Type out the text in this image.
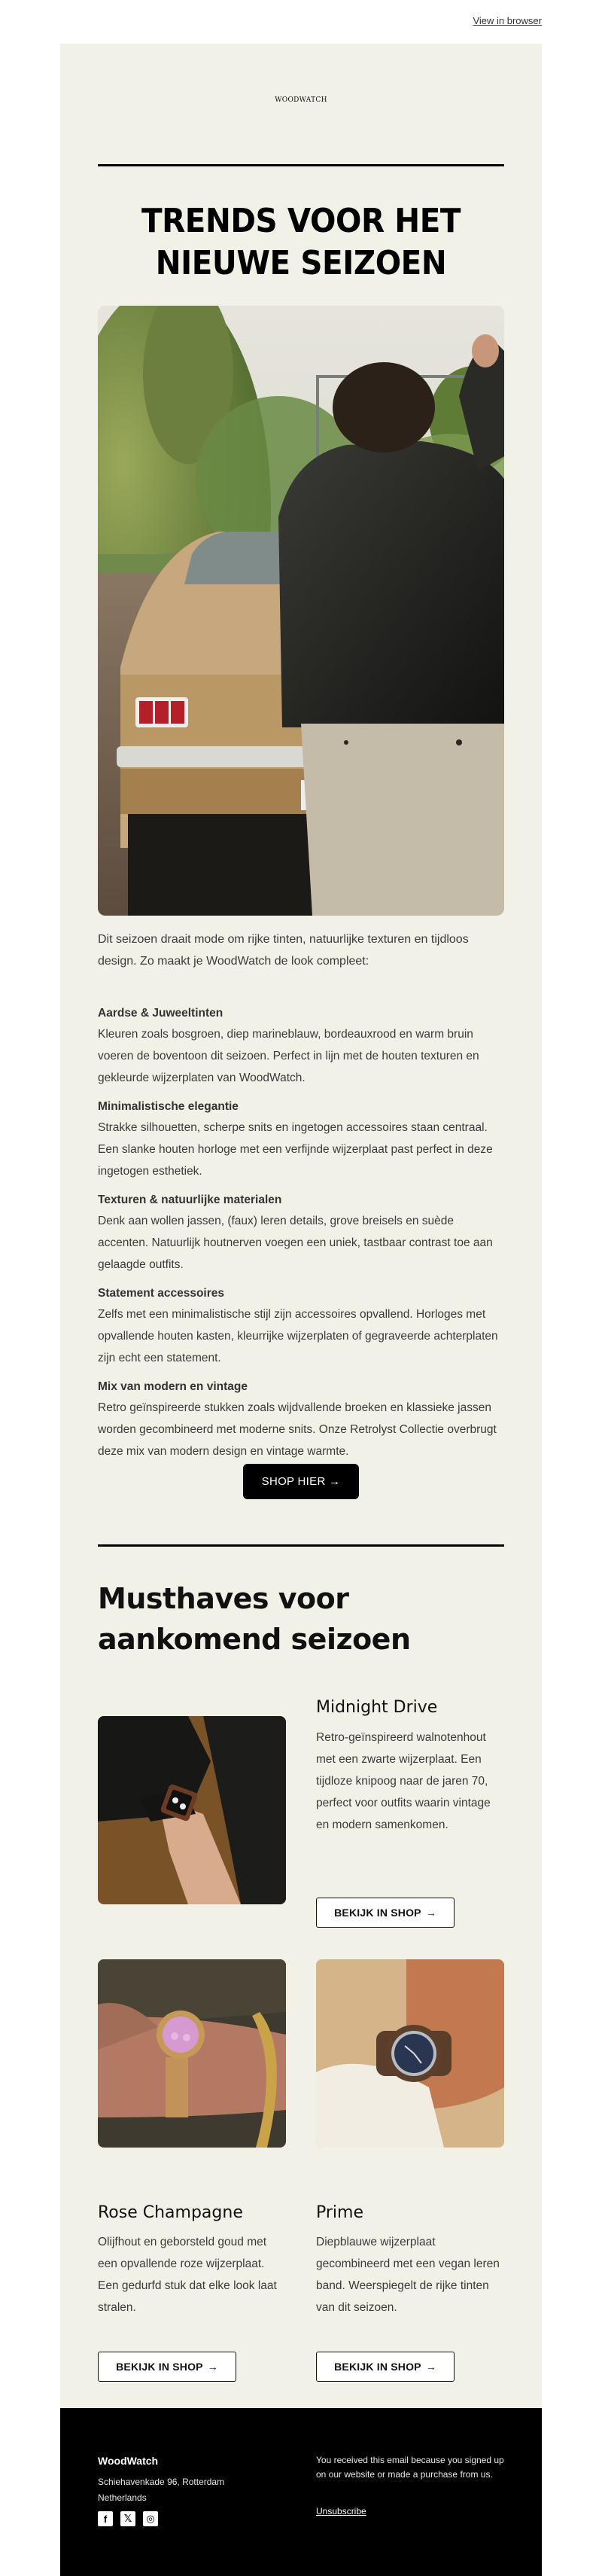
View in browser
WOODWATCH
TRENDS VOOR HET
NIEUWE SEIZOEN

Dit seizoen draait mode om rijke tinten, natuurlijke texturen en tijdloos design. Zo maakt je WoodWatch de look compleet:

Aardse & Juweeltinten
Kleuren zoals bosgroen, diep marineblauw, bordeauxrood en warm bruin voeren de boventoon dit seizoen. Perfect in lijn met de houten texturen en gekleurde wijzerplaten van WoodWatch.
Minimalistische elegantie
Strakke silhouetten, scherpe snits en ingetogen accessoires staan centraal. Een slanke houten horloge met een verfijnde wijzerplaat past perfect in deze ingetogen esthetiek.
Texturen & natuurlijke materialen
Denk aan wollen jassen, (faux) leren details, grove breisels en suède accenten. Natuurlijk houtnerven voegen een uniek, tastbaar contrast toe aan gelaagde outfits.
Statement accessoires
Zelfs met een minimalistische stijl zijn accessoires opvallend. Horloges met opvallende houten kasten, kleurrijke wijzerplaten of gegraveerde achterplaten zijn echt een statement.
Mix van modern en vintage
Retro geïnspireerde stukken zoals wijdvallende broeken en klassieke jassen worden gecombineerd met moderne snits. Onze Retrolyst Collectie overbrugt deze mix van modern design en vintage warmte.
SHOP HIER →
Musthaves voor
aankomend seizoen
Midnight Drive

Retro-geïnspireerd walnotenhout met een zwarte wijzerplaat. Een tijdloze knipoog naar de jaren 70, perfect voor outfits waarin vintage en modern samenkomen.

BEKIJK IN SHOP →
Rose Champagne

Olijfhout en geborsteld goud met een opvallende roze wijzerplaat. Een gedurfd stuk dat elke look laat stralen.

BEKIJK IN SHOP →
Prime

Diepblauwe wijzerplaat gecombineerd met een vegan leren band. Weerspiegelt de rijke tinten van dit seizoen.

BEKIJK IN SHOP →
WoodWatch
Schiehavenkade 96, Rotterdam
Netherlands
f	𝕏	◎

You received this email because you signed up on our website or made a purchase from us.

Unsubscribe
